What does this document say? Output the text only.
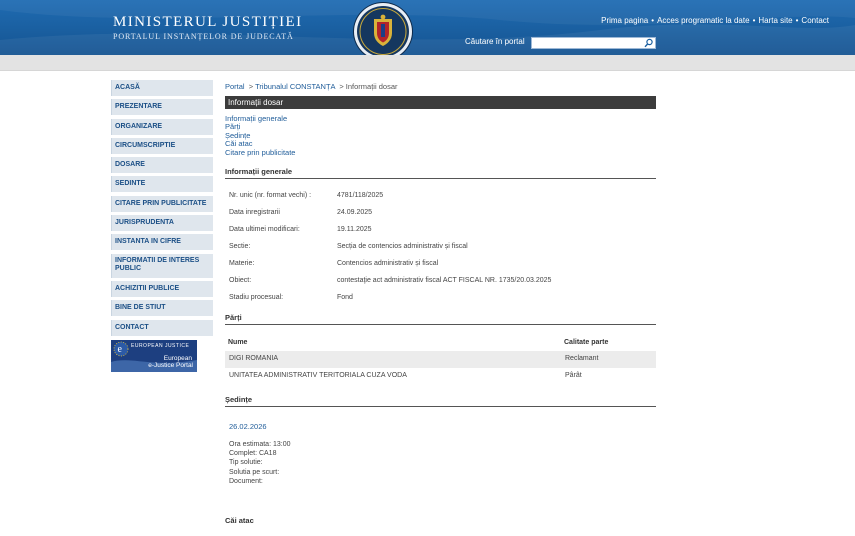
MINISTERUL JUSTIȚIEI
PORTALUL INSTANȚELOR DE JUDECATĂ
Prima pagina • Acces programatic la date • Harta site • Contact
Căutare în portal
ACASĂ
PREZENTARE
ORGANIZARE
CIRCUMSCRIPTIE
DOSARE
SEDINTE
CITARE PRIN PUBLICITATE
JURISPRUDENTA
INSTANTA IN CIFRE
INFORMATII DE INTERES PUBLIC
ACHIZITII PUBLICE
BINE DE STIUT
CONTACT
e EUROPEAN JUSTICE
European
e-Justice Portal
Portal  > Tribunalul CONSTANȚA  > Informații dosar
Informații dosar
Informații generale
Părți
Ședințe
Căi atac
Citare prin publicitate
Informații generale
Nr. unic (nr. format vechi) :	4781/118/2025
Data inregistrarii	24.09.2025
Data ultimei modificari:	19.11.2025
Sectie:	Secția de contencios administrativ și fiscal
Materie:	Contencios administrativ și fiscal
Obiect:	contestaţie act administrativ fiscal ACT FISCAL NR. 1735/20.03.2025
Stadiu procesual:	Fond
Părți
Nume	Calitate parte
DIGI ROMANIA	Reclamant
UNITATEA ADMINISTRATIV TERITORIALA CUZA VODA	Pârât
Ședințe
26.02.2026
Ora estimata: 13:00
Complet: CA18
Tip solutie:
Solutia pe scurt:
Document:
Căi atac
